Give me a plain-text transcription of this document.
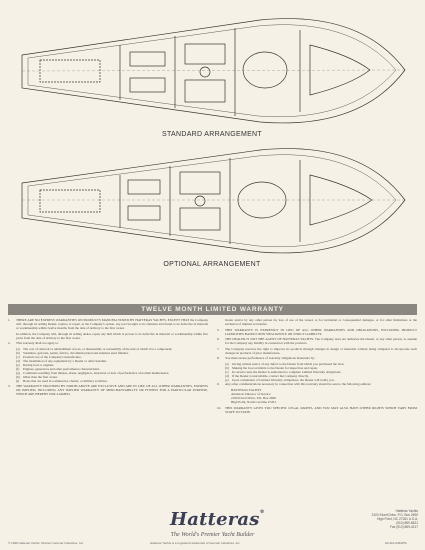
STANDARD ARRANGEMENT
OPTIONAL ARRANGEMENT
TWELVE MONTH LIMITED WARRANTY
1.	THERE ARE NO EXPRESS WARRANTIES ON PRODUCTS MANUFACTURED BY HATTERAS YACHTS, EXCEPT THAT the Company will, through its selling Dealer, replace or repair, at the Company's option, any part brought to its attention and found to be defective in material or workmanship within twelve months from the date of delivery to the first owner.
In addition, the Company will, through its selling dealer, repair any hull which is proven to be defective in material or workmanship within five years from the date of delivery to the first owner.
2.	This warranty shall not apply to:
(a)	The cost of removal or reinstallment of part, or disassembly or reassembly of the unit of which it is a component.
(b) Varnishes, gelcoats, paints, fabrics, chromium plated and stainless steel finishes.
(c)	Products not of the Company's manufacture.
(d) The installation of any equipment by a Dealer or other installer.
(e)	Racing boat or engines.
(f)	Engines, generators and other performance characteristics.
(g) Conditions resulting from misuse, abuse, negligence, alteration or lack of performance of normal maintenance.
(h) Other than the first owner.
(i)	Boats that are used in commercial, charter, or military activities.
3.	THE WARRANTY PROVIDED BY NORTH ABOVE ARE EXCLUSIVE AND ARE IN LIEU OF ALL OTHER WARRANTIES, EXPRESS OR IMPLIED, INCLUDING ANY IMPLIED WARRANTY OF MERCHANTABILITY OR FITNESS FOR A PARTICULAR PURPOSE, WHICH ARE HEREBY DISCLAIMED.
boater and/or by any other person for loss of use of the vessel, or for incidental or consequential damages, or for other limitations or the exclusion of implied warranties.
5.	THIS WARRANTY IS EXPRESSLY IN LIEU OF ALL OTHER WARRANTIES AND OBLIGATIONS, INCLUDING PRODUCT LIABILITIES BASED UPON NEGLIGENCE OR STRICT LIABILITY.
6.	THE DEALER IS NOT THE AGENT OF HATTERAS YACHTS. The Company does not authorize the Dealer, or any other person, to assume for the Company any liability in connection with the products.
7.	The Company reserves the right to improve its products through changes in design or materials without being obligated to incorporate such changes in products of prior manufacture.
8.	You must secure performance of warranty obligations hereunder by:
(a)	Giving written notice of any defect to the Dealer from which you purchased the boat.
(b) Making the boat available to the Dealer for inspection and repair.
(c)	In certain cases the Dealer is authorized to complete Limited Warranty obligations.
(d) If the Dealer is unavailable, contact the Company directly.
(e)	Upon completion of Limited Warranty obligations, the Dealer will notify you.
9.	Any other communications necessary in connection with this warranty should be sent to the following address:
HATTERAS YACHTS
Attention: Director of Service
2100 Kivett Drive, P.O. Box 2690
High Point, North Carolina 27261
10.	THIS WARRANTY GIVES YOU SPECIFIC LEGAL RIGHTS, AND YOU MAY ALSO HAVE OTHER RIGHTS WHICH VARY FROM STATE TO STATE.
Hatteras®
The World's Premier Yacht Builder
Hatteras Yachts
2100 Kivett Drive, P.O. Box 2690
High Point, NC 27261 U.S.A.
(910) 889-6621
Fax (910) 889-4217
© 1996 Hatteras Yachts, Division Genmar Industries, Inc.	Hatteras Yachts is a registered trademark of Genmar Industries, Inc.	HC410-0394PM
